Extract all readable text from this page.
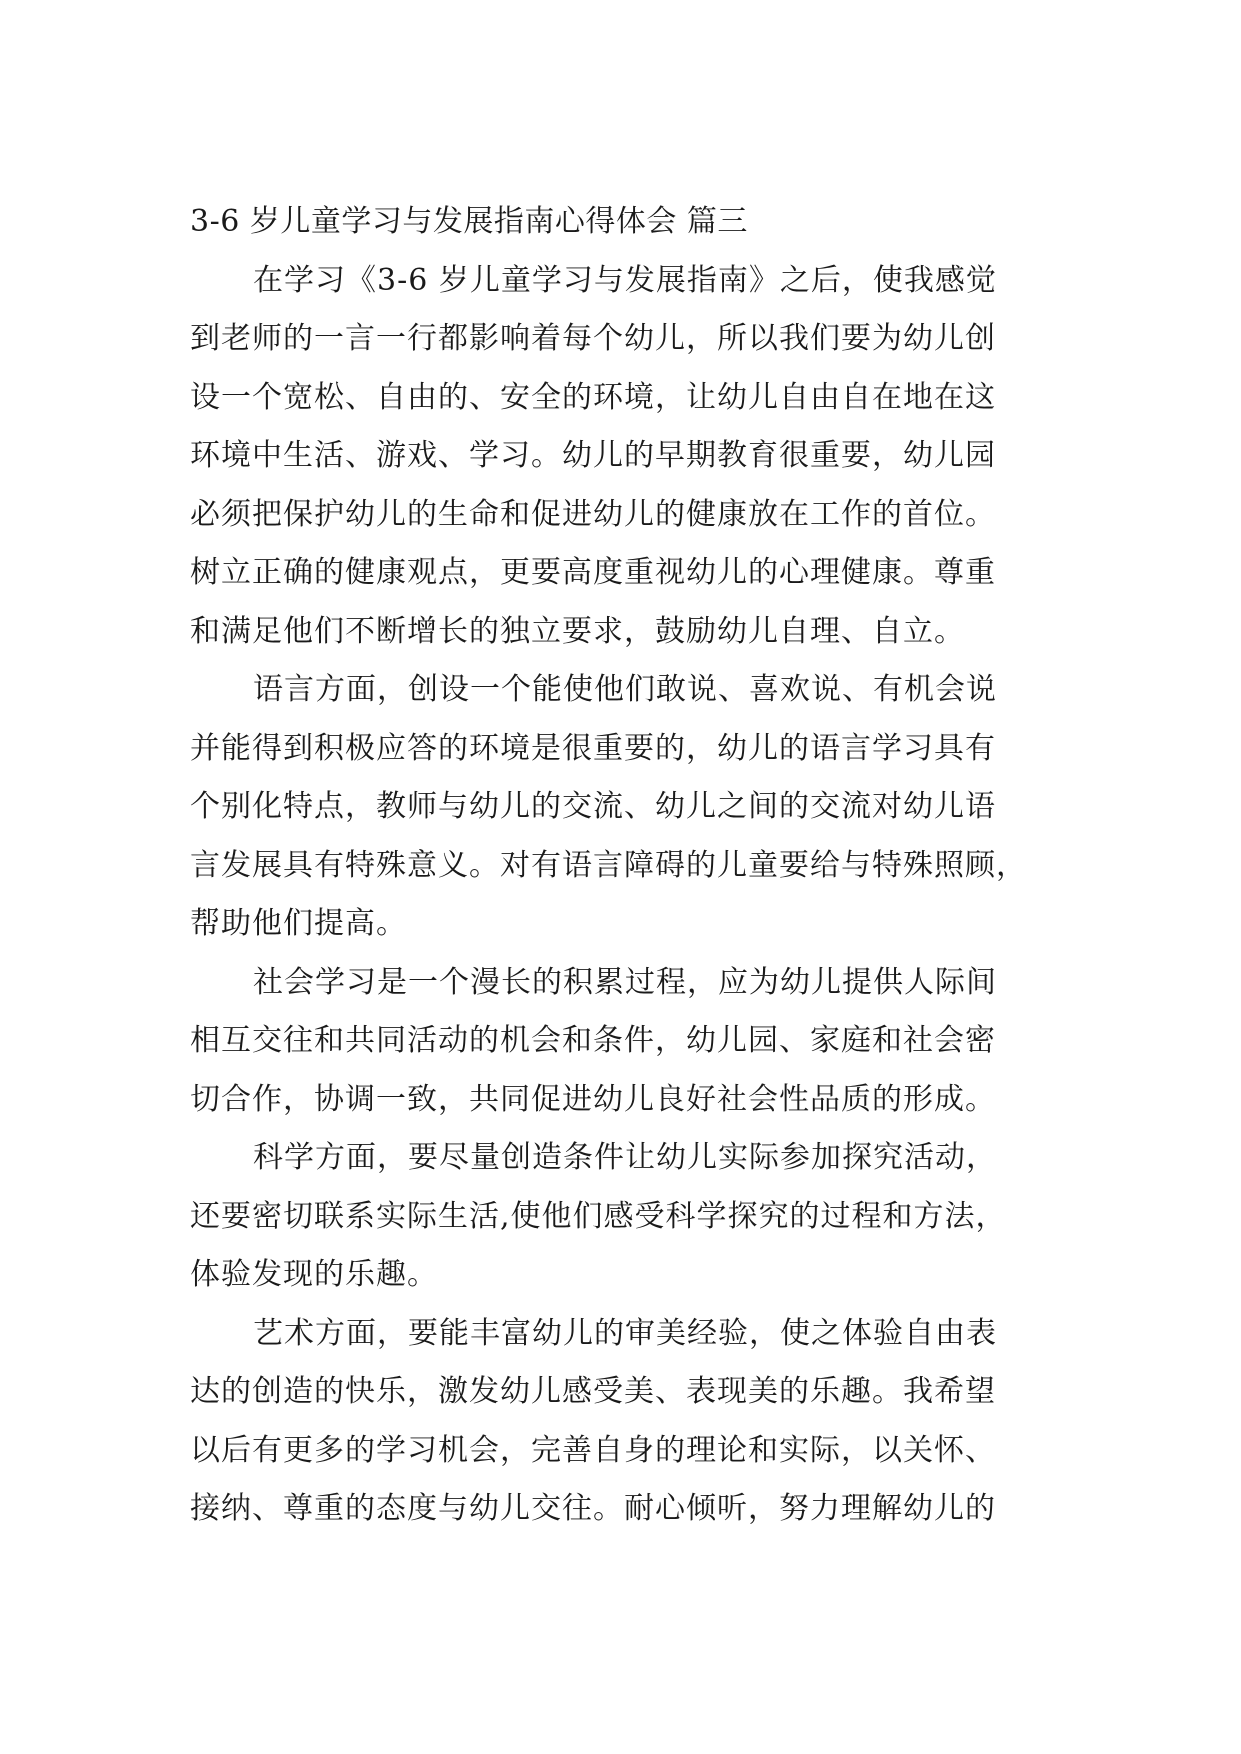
3-6 岁儿童学习与发展指南心得体会 篇三
在学习《3-6 岁儿童学习与发展指南》之后，使我感觉
到老师的一言一行都影响着每个幼儿，所以我们要为幼儿创
设一个宽松、自由的、安全的环境，让幼儿自由自在地在这
环境中生活、游戏、学习。幼儿的早期教育很重要，幼儿园
必须把保护幼儿的生命和促进幼儿的健康放在工作的首位。
树立正确的健康观点，更要高度重视幼儿的心理健康。尊重
和满足他们不断增长的独立要求，鼓励幼儿自理、自立。
语言方面，创设一个能使他们敢说、喜欢说、有机会说
并能得到积极应答的环境是很重要的，幼儿的语言学习具有
个别化特点，教师与幼儿的交流、幼儿之间的交流对幼儿语
言发展具有特殊意义。对有语言障碍的儿童要给与特殊照顾，
帮助他们提高。
社会学习是一个漫长的积累过程，应为幼儿提供人际间
相互交往和共同活动的机会和条件，幼儿园、家庭和社会密
切合作，协调一致，共同促进幼儿良好社会性品质的形成。
科学方面，要尽量创造条件让幼儿实际参加探究活动，
还要密切联系实际生活,使他们感受科学探究的过程和方法，
体验发现的乐趣。
艺术方面，要能丰富幼儿的审美经验，使之体验自由表
达的创造的快乐，激发幼儿感受美、表现美的乐趣。我希望
以后有更多的学习机会，完善自身的理论和实际，以关怀、
接纳、尊重的态度与幼儿交往。耐心倾听，努力理解幼儿的
